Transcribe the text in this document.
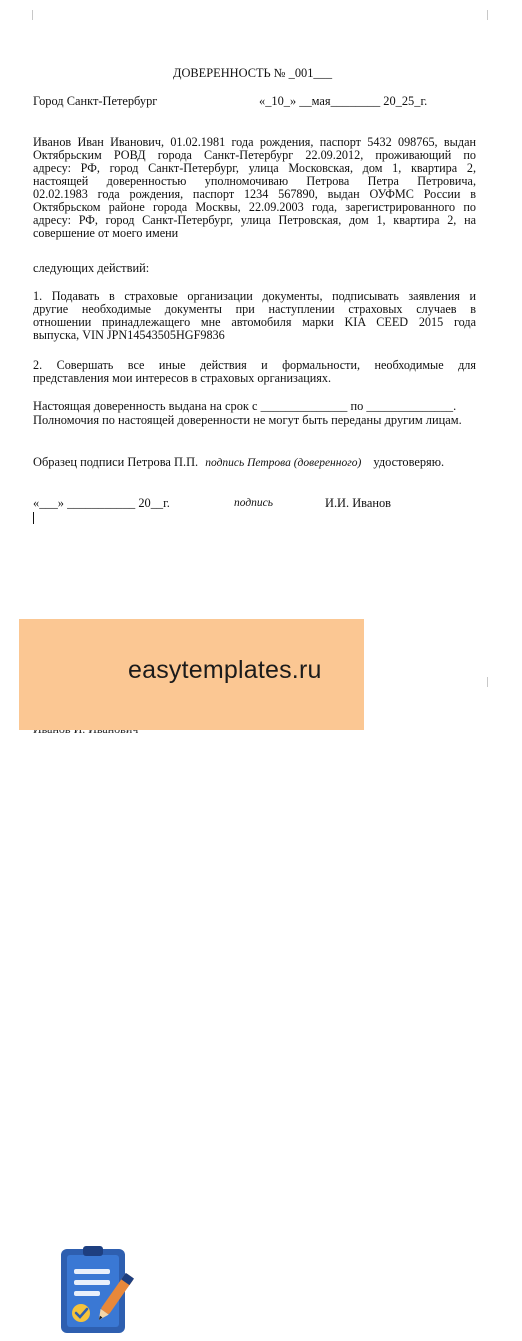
ДОВЕРЕННОСТЬ № _001___
Город Санкт-Петербург	«_10_» __мая________ 20_25_г.
Иванов Иван Иванович, 01.02.1981 года рождения, паспорт 5432 098765, выдан
Октябрьским РОВД города Санкт-Петербург 22.09.2012, проживающий по
адресу: РФ, город Санкт-Петербург, улица Московская, дом 1, квартира 2,
настоящей доверенностью уполномочиваю Петрова Петра Петровича,
02.02.1983 года рождения, паспорт 1234 567890, выдан ОУФМС России в
Октябрьском районе города Москвы, 22.09.2003 года, зарегистрированного по
адресу: РФ, город Санкт-Петербург, улица Петровская, дом 1, квартира 2, на
совершение от моего имени
следующих действий:
1. Подавать в страховые организации документы, подписывать заявления и
другие необходимые документы при наступлении страховых случаев в
отношении принадлежащего мне автомобиля марки KIA CEED 2015 года
выпуска, VIN JPN14543505HGF9836
2. Совершать все иные действия и формальности, необходимые для
представления мои интересов в страховых организациях.
Настоящая доверенность выдана на срок с ______________ по ______________.
Полномочия по настоящей доверенности не могут быть переданы другим лицам.
Образец подписи Петрова П.П. подпись Петрова (доверенного) удостоверяю.
«___» ___________ 20__г.	подпись	И.И. Иванов
easytemplates.ru
